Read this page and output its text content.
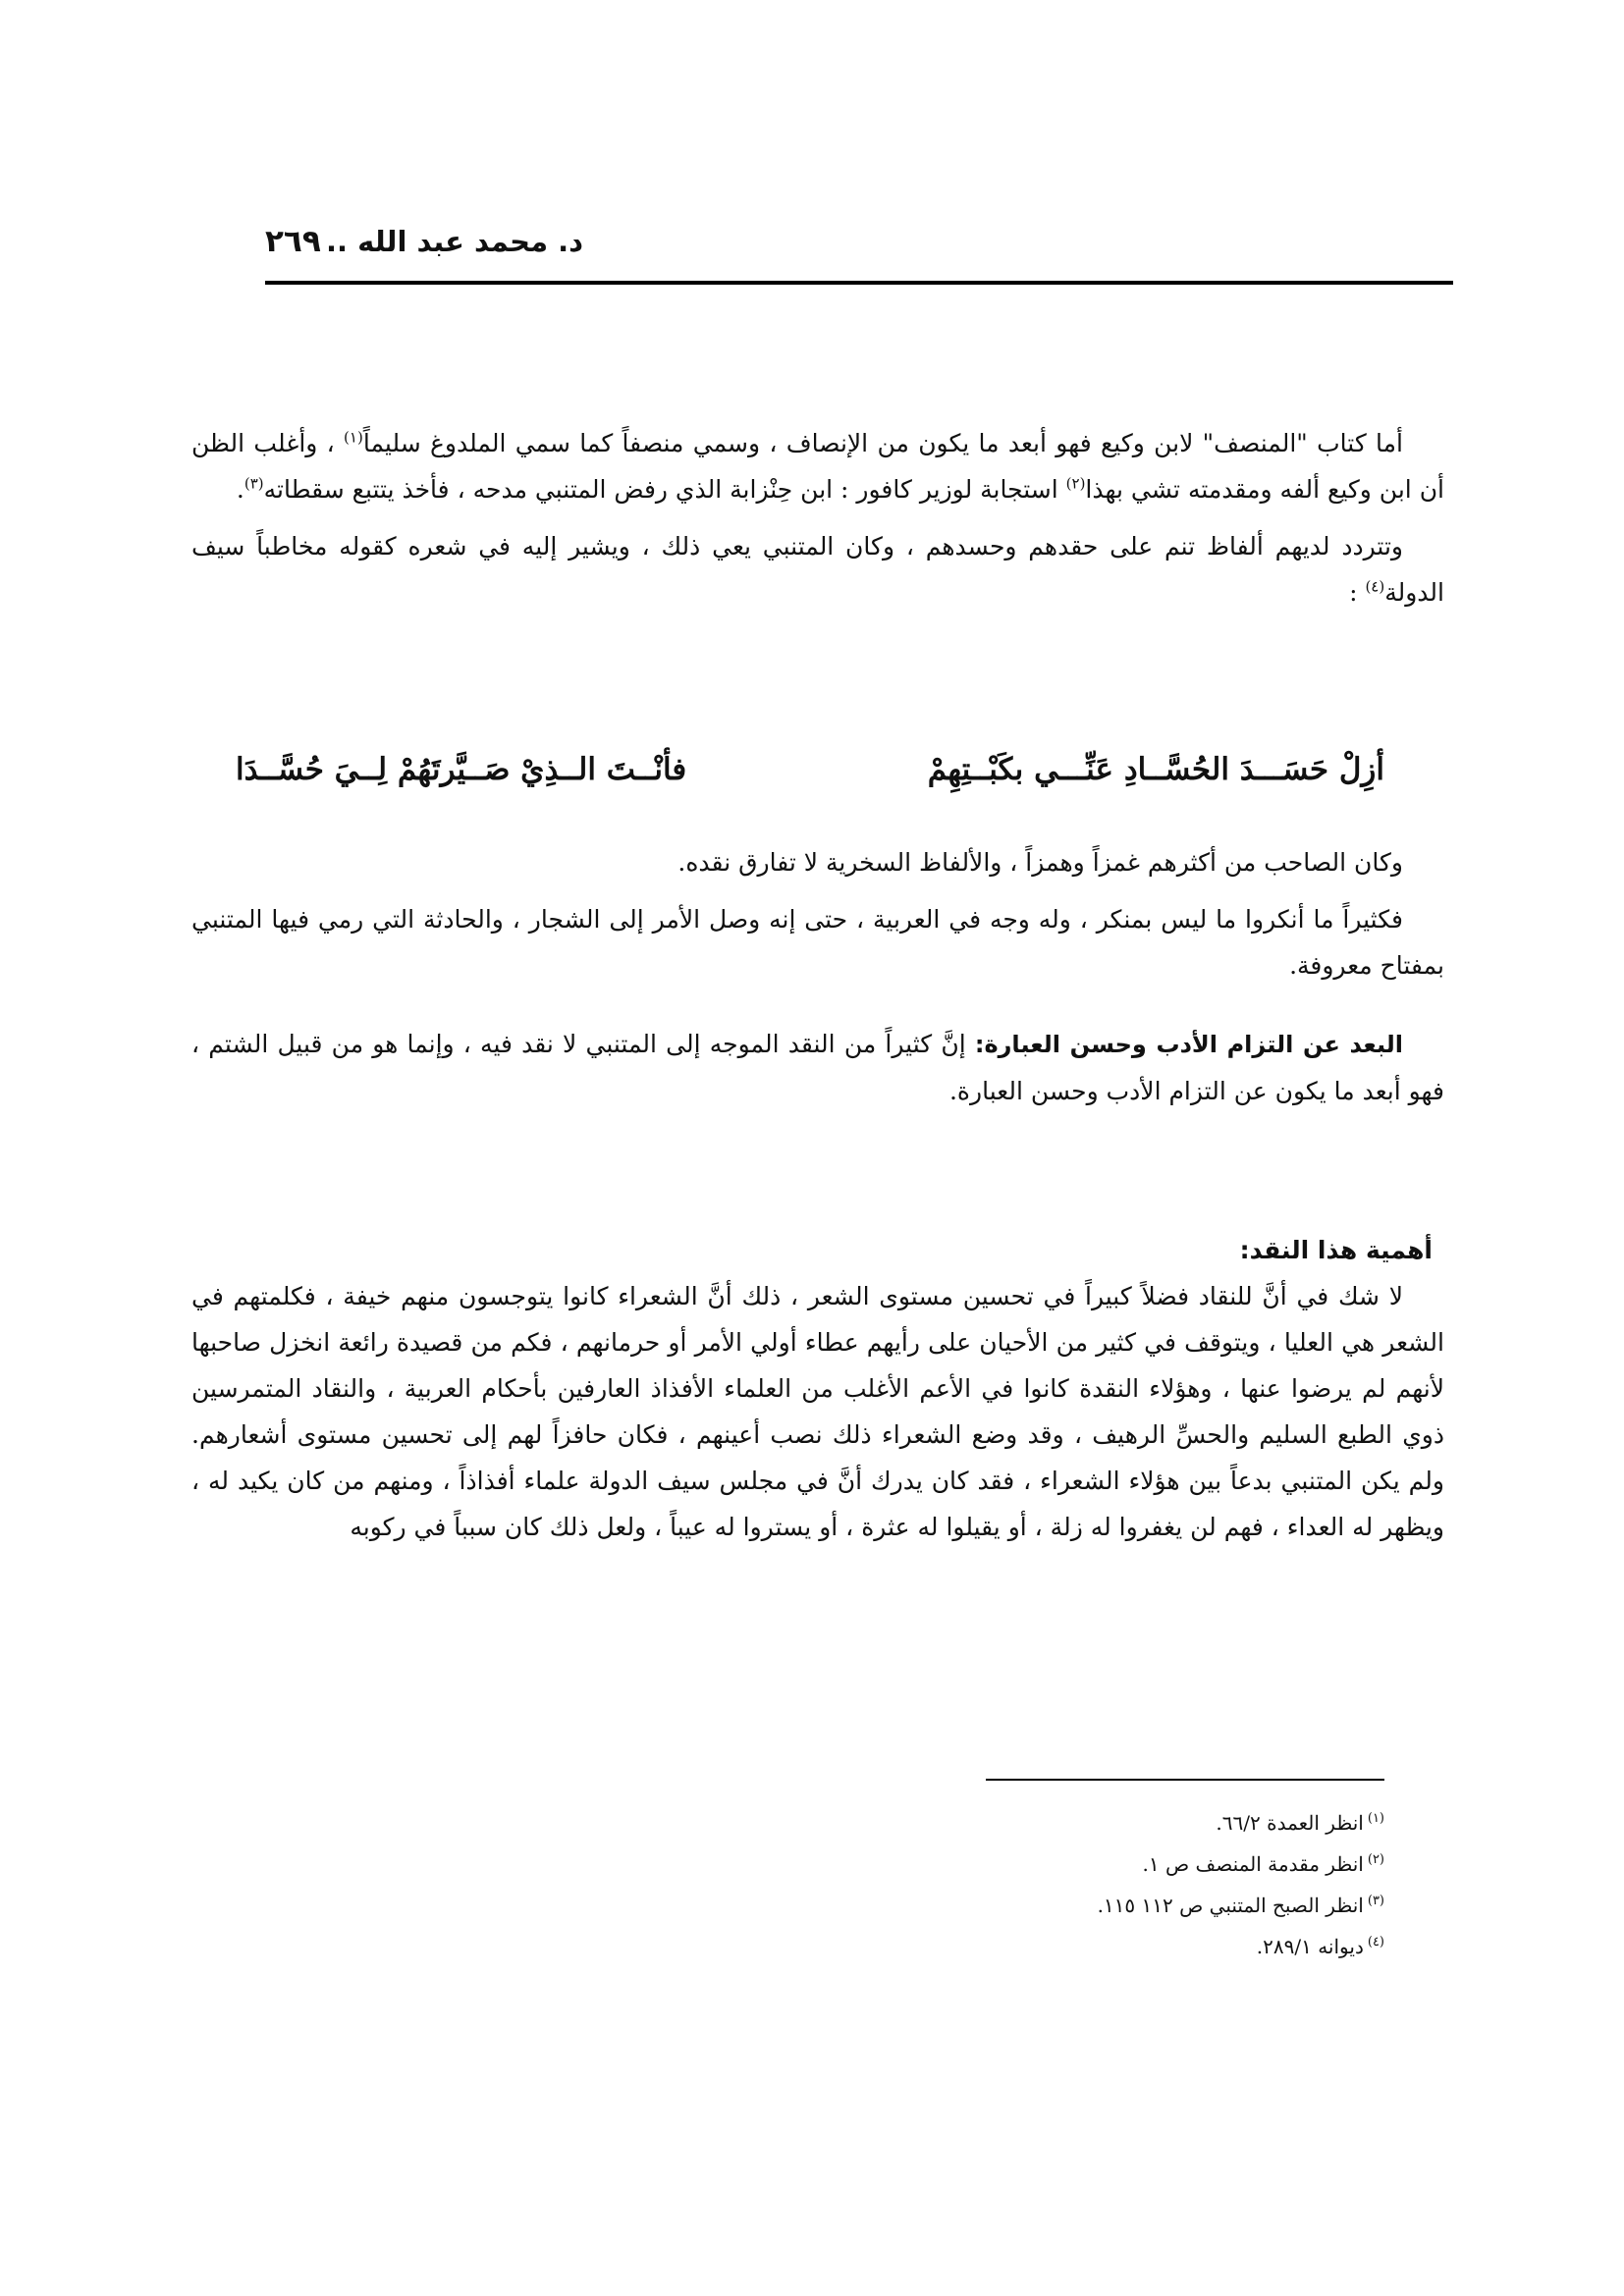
٢٦٩ د. محمد عبد الله ..

أما كتاب "المنصف" لابن وكيع فهو أبعد ما يكون من الإنصاف ، وسمي منصفاً كما سمي الملدوغ سليماً$^{(١)}$ ، وأغلب الظن أن ابن وكيع ألفه ومقدمته تشي بهذا$^{(٢)}$ استجابة لوزير كافور : ابن حِنْزابة الذي رفض المتنبي مدحه ، فأخذ يتتبع سقطاته$^{(٣)}$.

وتتردد لديهم ألفاظ تنم على حقدهم وحسدهم ، وكان المتنبي يعي ذلك ، ويشير إليه في شعره كقوله مخاطباً سيف الدولة$^{(٤)}$ :

أزِلْ حَسَـــدَ الحُسَّــادِ عَنِّـــي بكَبْــتِهِمْ
فأنْــتَ الــذِيْ صَــيَّرتَهُمْ لِــيَ حُسَّــدَا

وكان الصاحب من أكثرهم غمزاً وهمزاً ، والألفاظ السخرية لا تفارق نقده.

فكثيراً ما أنكروا ما ليس بمنكر ، وله وجه في العربية ، حتى إنه وصل الأمر إلى الشجار ، والحادثة التي رمي فيها المتنبي بمفتاح معروفة.

البعد عن التزام الأدب وحسن العبارة: إنَّ كثيراً من النقد الموجه إلى المتنبي لا نقد فيه ، وإنما هو من قبيل الشتم ، فهو أبعد ما يكون عن التزام الأدب وحسن العبارة.

أهمية هذا النقد:

لا شك في أنَّ للنقاد فضلاً كبيراً في تحسين مستوى الشعر ، ذلك أنَّ الشعراء كانوا يتوجسون منهم خيفة ، فكلمتهم في الشعر هي العليا ، ويتوقف في كثير من الأحيان على رأيهم عطاء أولي الأمر أو حرمانهم ، فكم من قصيدة رائعة انخزل صاحبها لأنهم لم يرضوا عنها ، وهؤلاء النقدة كانوا في الأعم الأغلب من العلماء الأفذاذ العارفين بأحكام العربية ، والنقاد المتمرسين ذوي الطبع السليم والحسِّ الرهيف ، وقد وضع الشعراء ذلك نصب أعينهم ، فكان حافزاً لهم إلى تحسين مستوى أشعارهم. ولم يكن المتنبي بدعاً بين هؤلاء الشعراء ، فقد كان يدرك أنَّ في مجلس سيف الدولة علماء أفذاذاً ، ومنهم من كان يكيد له ، ويظهر له العداء ، فهم لن يغفروا له زلة ، أو يقيلوا له عثرة ، أو يستروا له عيباً ، ولعل ذلك كان سبباً في ركوبه

$^{(١)}$انظر العمدة ٦٦/٢.
$^{(٢)}$انظر مقدمة المنصف ص ١.
$^{(٣)}$انظر الصبح المتنبي ص ١١٢ ١١٥.
$^{(٤)}$ديوانه ٢٨٩/١.
